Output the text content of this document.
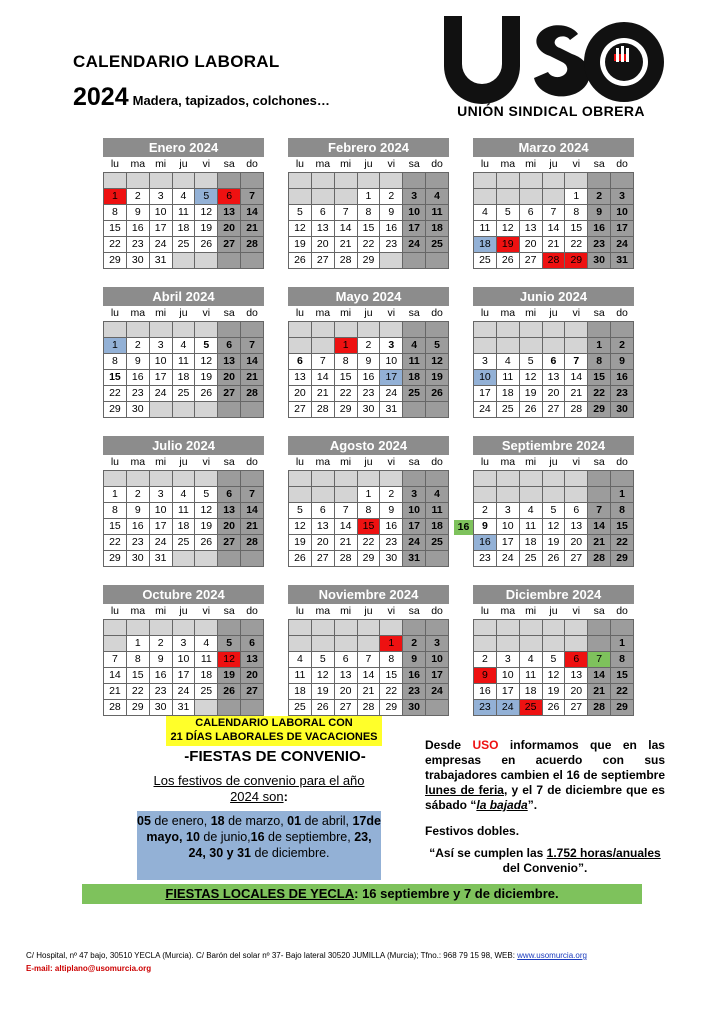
CALENDARIO LABORAL
2024 Madera, tapizados, colchones…
UNIÓN SINDICAL OBRERA
Enero 2024
lu	ma	mi	ju	vi	sa	do

1	2	3	4	5	6	7
8	9	10	11	12	13	14
15	16	17	18	19	20	21
22	23	24	25	26	27	28
29	30	31				
Febrero 2024
lu	ma	mi	ju	vi	sa	do

			1	2	3	4
5	6	7	8	9	10	11
12	13	14	15	16	17	18
19	20	21	22	23	24	25
26	27	28	29			
Marzo 2024
lu	ma	mi	ju	vi	sa	do

				1	2	3
4	5	6	7	8	9	10
11	12	13	14	15	16	17
18	19	20	21	22	23	24
25	26	27	28	29	30	31
Abril 2024
lu	ma	mi	ju	vi	sa	do

1	2	3	4	5	6	7
8	9	10	11	12	13	14
15	16	17	18	19	20	21
22	23	24	25	26	27	28
29	30					
Mayo 2024
lu	ma	mi	ju	vi	sa	do

		1	2	3	4	5
6	7	8	9	10	11	12
13	14	15	16	17	18	19
20	21	22	23	24	25	26
27	28	29	30	31		
Junio 2024
lu	ma	mi	ju	vi	sa	do

					1	2
3	4	5	6	7	8	9
10	11	12	13	14	15	16
17	18	19	20	21	22	23
24	25	26	27	28	29	30
Julio 2024
lu	ma	mi	ju	vi	sa	do

1	2	3	4	5	6	7
8	9	10	11	12	13	14
15	16	17	18	19	20	21
22	23	24	25	26	27	28
29	30	31				
Agosto 2024
lu	ma	mi	ju	vi	sa	do

			1	2	3	4
5	6	7	8	9	10	11
12	13	14	15	16	17	18
19	20	21	22	23	24	25
26	27	28	29	30	31	
Septiembre 2024
lu	ma	mi	ju	vi	sa	do

						1
2	3	4	5	6	7	8
9	10	11	12	13	14	15
16	17	18	19	20	21	22
23	24	25	26	27	28	29
Octubre 2024
lu	ma	mi	ju	vi	sa	do

	1	2	3	4	5	6
7	8	9	10	11	12	13
14	15	16	17	18	19	20
21	22	23	24	25	26	27
28	29	30	31			
Noviembre 2024
lu	ma	mi	ju	vi	sa	do

				1	2	3
4	5	6	7	8	9	10
11	12	13	14	15	16	17
18	19	20	21	22	23	24
25	26	27	28	29	30	
Diciembre 2024
lu	ma	mi	ju	vi	sa	do

						1
2	3	4	5	6	7	8
9	10	11	12	13	14	15
16	17	18	19	20	21	22
23	24	25	26	27	28	29
16
CALENDARIO LABORAL CON
21 DÍAS LABORALES DE VACACIONES
-FIESTAS DE CONVENIO-
Los festivos de convenio para el año 2024 son:
05 de enero, 18 de marzo, 01 de abril, 17de mayo, 10 de junio,16 de septiembre, 23, 24, 30 y 31 de diciembre.
Desde USO informamos que en las empresas en acuerdo con sus trabajadores cambien el 16 de septiembre lunes de feria, y el 7 de diciembre que es sábado “la bajada”.
Festivos dobles.
“Así se cumplen las 1.752 horas/anuales del Convenio”.
FIESTAS LOCALES DE YECLA: 16 septiembre y 7 de diciembre.
C/ Hospital, nº 47 bajo, 30510 YECLA (Murcia). C/ Barón del solar nº 37- Bajo lateral 30520 JUMILLA (Murcia); Tfno.: 968 79 15 98, WEB: www.usomurcia.org
E-mail: altiplano@usomurcia.org
